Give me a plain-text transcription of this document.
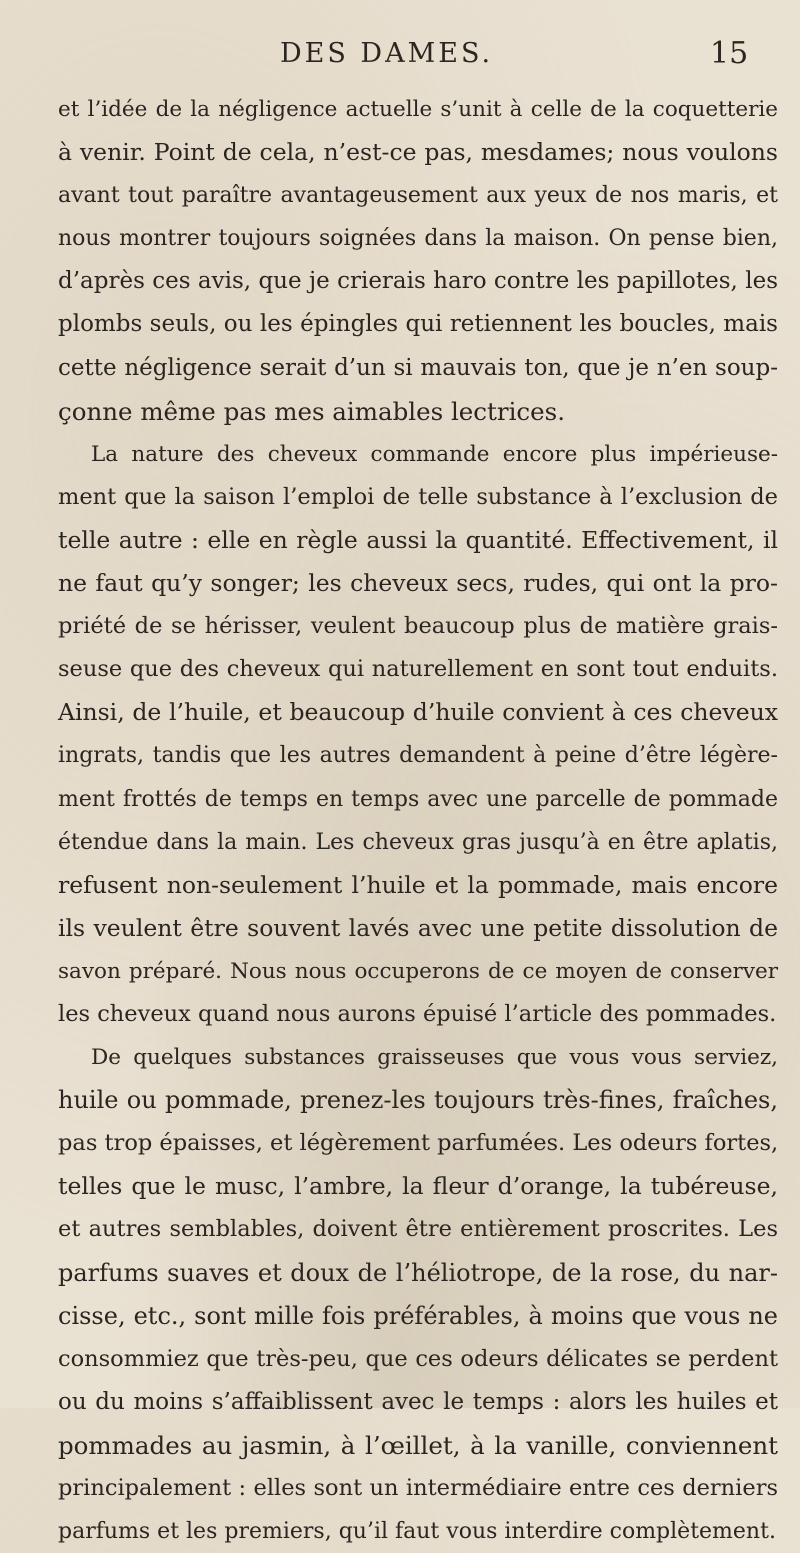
DES DAMES.	15
et l’idée de la négligence actuelle s’unit à celle de la coquetterie
à venir. Point de cela, n’est-ce pas, mesdames; nous voulons
avant tout paraître avantageusement aux yeux de nos maris, et
nous montrer toujours soignées dans la maison. On pense bien,
d’après ces avis, que je crierais haro contre les papillotes, les
plombs seuls, ou les épingles qui retiennent les boucles, mais
cette négligence serait d’un si mauvais ton, que je n’en soup-
çonne même pas mes aimables lectrices.
La nature des cheveux commande encore plus impérieuse-
ment que la saison l’emploi de telle substance à l’exclusion de
telle autre : elle en règle aussi la quantité. Effectivement, il
ne faut qu’y songer; les cheveux secs, rudes, qui ont la pro-
priété de se hérisser, veulent beaucoup plus de matière grais-
seuse que des cheveux qui naturellement en sont tout enduits.
Ainsi, de l’huile, et beaucoup d’huile convient à ces cheveux
ingrats, tandis que les autres demandent à peine d’être légère-
ment frottés de temps en temps avec une parcelle de pommade
étendue dans la main. Les cheveux gras jusqu’à en être aplatis,
refusent non-seulement l’huile et la pommade, mais encore
ils veulent être souvent lavés avec une petite dissolution de
savon préparé. Nous nous occuperons de ce moyen de conserver
les cheveux quand nous aurons épuisé l’article des pommades.
De quelques substances graisseuses que vous vous serviez,
huile ou pommade, prenez-les toujours très-fines, fraîches,
pas trop épaisses, et légèrement parfumées. Les odeurs fortes,
telles que le musc, l’ambre, la fleur d’orange, la tubéreuse,
et autres semblables, doivent être entièrement proscrites. Les
parfums suaves et doux de l’héliotrope, de la rose, du nar-
cisse, etc., sont mille fois préférables, à moins que vous ne
consommiez que très-peu, que ces odeurs délicates se perdent
ou du moins s’affaiblissent avec le temps : alors les huiles et
pommades au jasmin, à l’œillet, à la vanille, conviennent
principalement : elles sont un intermédiaire entre ces derniers
parfums et les premiers, qu’il faut vous interdire complètement.
